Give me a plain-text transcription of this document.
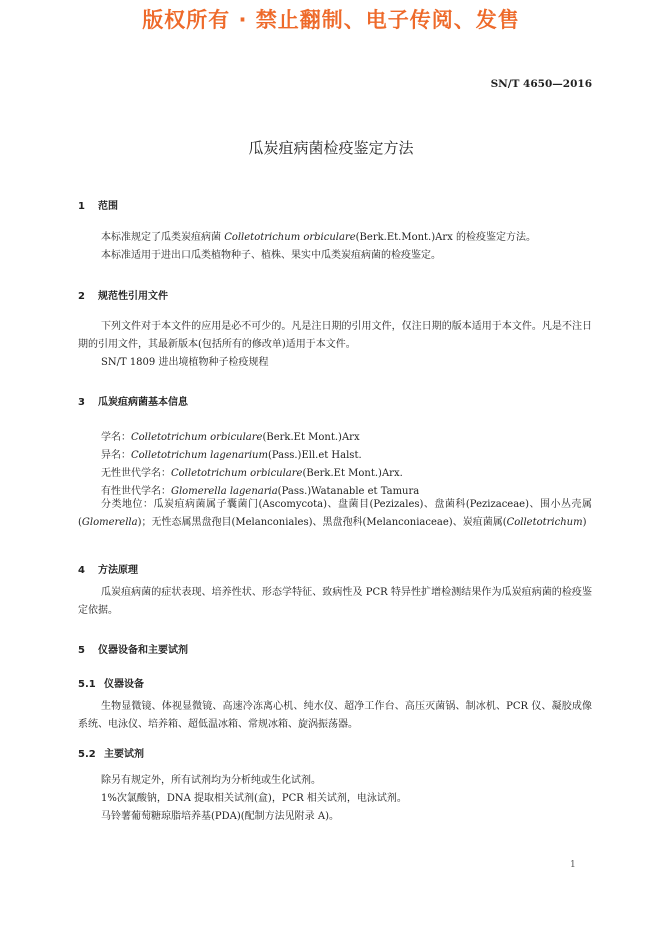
版权所有 · 禁止翻制、电子传阅、发售
SN/T 4650—2016
瓜炭疽病菌检疫鉴定方法
1 范围
本标准规定了瓜类炭疽病菌 Colletotrichum orbiculare(Berk.Et.Mont.)Arx 的检疫鉴定方法。
本标准适用于进出口瓜类植物种子、植株、果实中瓜类炭疽病菌的检疫鉴定。
2 规范性引用文件
下列文件对于本文件的应用是必不可少的。凡是注日期的引用文件，仅注日期的版本适用于本文件。凡是不注日期的引用文件，其最新版本(包括所有的修改单)适用于本文件。
SN/T 1809 进出境植物种子检疫规程
3 瓜炭疽病菌基本信息
学名：Colletotrichum orbiculare(Berk.Et Mont.)Arx
异名：Colletotrichum lagenarium(Pass.)Ell.et Halst.
无性世代学名：Colletotrichum orbiculare(Berk.Et Mont.)Arx.
有性世代学名：Glomerella lagenaria(Pass.)Watanable et Tamura
分类地位：瓜炭疽病菌属子囊菌门(Ascomycota)、盘菌目(Pezizales)、盘菌科(Pezizaceae)、围小丛壳属(Glomerella)；无性态属黑盘孢目(Melanconiales)、黑盘孢科(Melanconiaceae)、炭疽菌属(Colletotrichum)
4 方法原理
瓜炭疽病菌的症状表现、培养性状、形态学特征、致病性及 PCR 特异性扩增检测结果作为瓜炭疽病菌的检疫鉴定依据。
5 仪器设备和主要试剂
5.1 仪器设备
生物显微镜、体视显微镜、高速冷冻离心机、纯水仪、超净工作台、高压灭菌锅、制冰机、PCR 仪、凝胶成像系统、电泳仪、培养箱、超低温冰箱、常规冰箱、旋涡振荡器。
5.2 主要试剂
除另有规定外，所有试剂均为分析纯或生化试剂。
1%次氯酸钠，DNA 提取相关试剂(盒)，PCR 相关试剂，电泳试剂。
马铃薯葡萄糖琼脂培养基(PDA)(配制方法见附录 A)。
1
